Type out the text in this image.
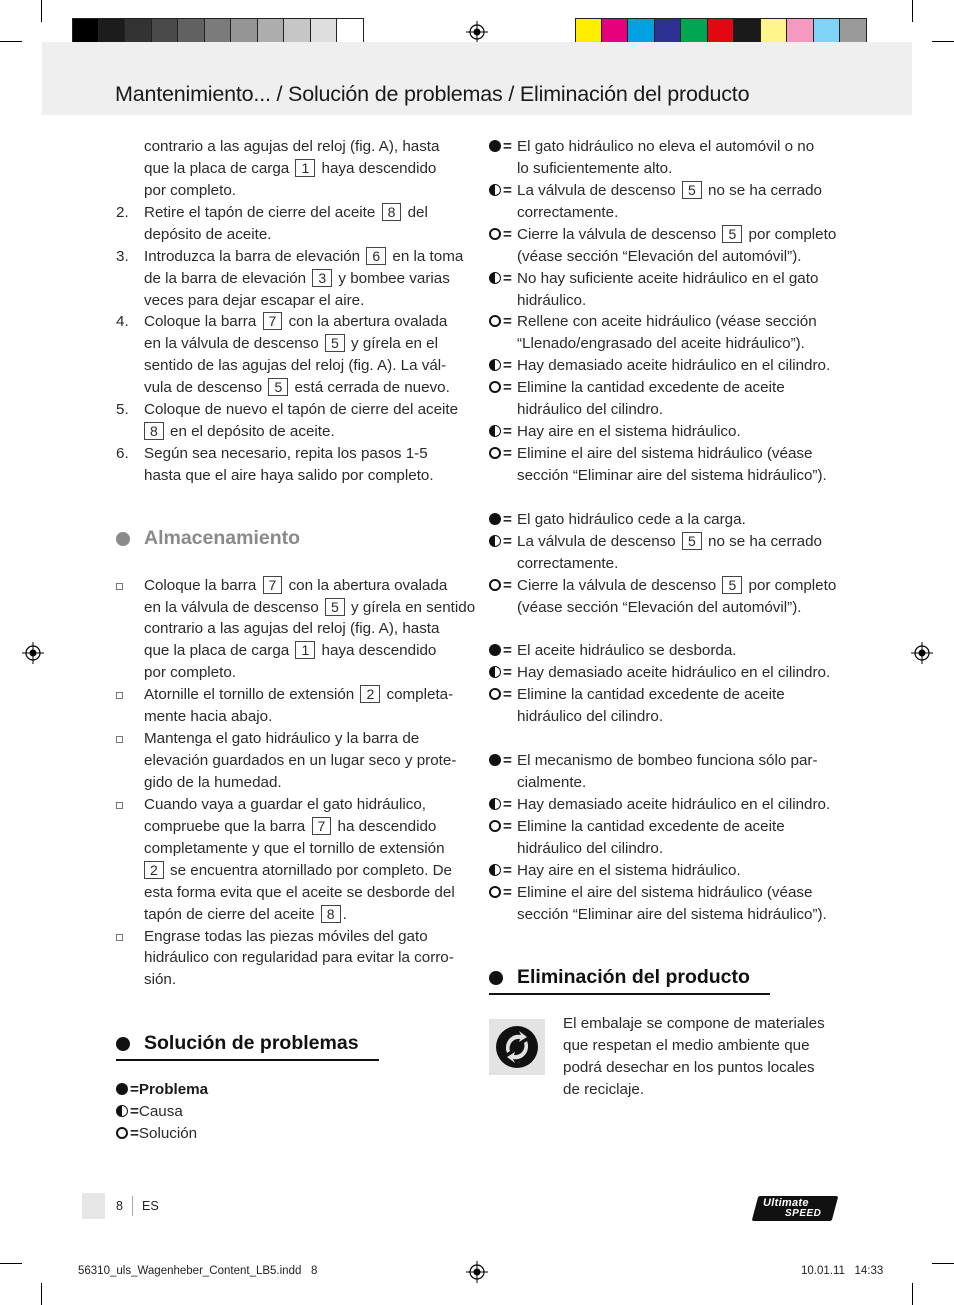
Mantenimiento... / Solución de problemas / Eliminación del producto
contrario a las agujas del reloj (fig. A), hasta
que la placa de carga 1 haya descendido
por completo.
2. Retire el tapón de cierre del aceite 8 del
depósito de aceite.
3. Introduzca la barra de elevación 6 en la toma
de la barra de elevación 3 y bombee varias
veces para dejar escapar el aire.
4. Coloque la barra 7 con la abertura ovalada
en la válvula de descenso 5 y gírela en el
sentido de las agujas del reloj (fig. A). La vál-
vula de descenso 5 está cerrada de nuevo.
5. Coloque de nuevo el tapón de cierre del aceite
8 en el depósito de aceite.
6. Según sea necesario, repita los pasos 1-5
hasta que el aire haya salido por completo.
Almacenamiento
Coloque la barra 7 con la abertura ovalada
en la válvula de descenso 5 y gírela en sentido
contrario a las agujas del reloj (fig. A), hasta
que la placa de carga 1 haya descendido
por completo.
Atornille el tornillo de extensión 2 completa-
mente hacia abajo.
Mantenga el gato hidráulico y la barra de
elevación guardados en un lugar seco y prote-
gido de la humedad.
Cuando vaya a guardar el gato hidráulico,
compruebe que la barra 7 ha descendido
completamente y que el tornillo de extensión
2 se encuentra atornillado por completo. De
esta forma evita que el aceite se desborde del
tapón de cierre del aceite 8 .
Engrase todas las piezas móviles del gato
hidráulico con regularidad para evitar la corro-
sión.
Solución de problemas
=Problema
=Causa
=Solución
= El gato hidráulico no eleva el automóvil o no
lo suficientemente alto.
= La válvula de descenso 5 no se ha cerrado
correctamente.
= Cierre la válvula de descenso 5 por completo
(véase sección “Elevación del automóvil”).
= No hay suficiente aceite hidráulico en el gato
hidráulico.
= Rellene con aceite hidráulico (véase sección
“Llenado/engrasado del aceite hidráulico”).
= Hay demasiado aceite hidráulico en el cilindro.
= Elimine la cantidad excedente de aceite
hidráulico del cilindro.
= Hay aire en el sistema hidráulico.
= Elimine el aire del sistema hidráulico (véase
sección “Eliminar aire del sistema hidráulico”).
= El gato hidráulico cede a la carga.
= La válvula de descenso 5 no se ha cerrado
correctamente.
= Cierre la válvula de descenso 5 por completo
(véase sección “Elevación del automóvil”).
= El aceite hidráulico se desborda.
= Hay demasiado aceite hidráulico en el cilindro.
= Elimine la cantidad excedente de aceite
hidráulico del cilindro.
= El mecanismo de bombeo funciona sólo par-
cialmente.
= Hay demasiado aceite hidráulico en el cilindro.
= Elimine la cantidad excedente de aceite
hidráulico del cilindro.
= Hay aire en el sistema hidráulico.
= Elimine el aire del sistema hidráulico (véase
sección “Eliminar aire del sistema hidráulico”).
Eliminación del producto
El embalaje se compone de materiales
que respetan el medio ambiente que
podrá desechar en los puntos locales
de reciclaje.
8 ES	Ultimate
SPEED
56310_uls_Wagenheber_Content_LB5.indd   8	10.01.11   14:33
